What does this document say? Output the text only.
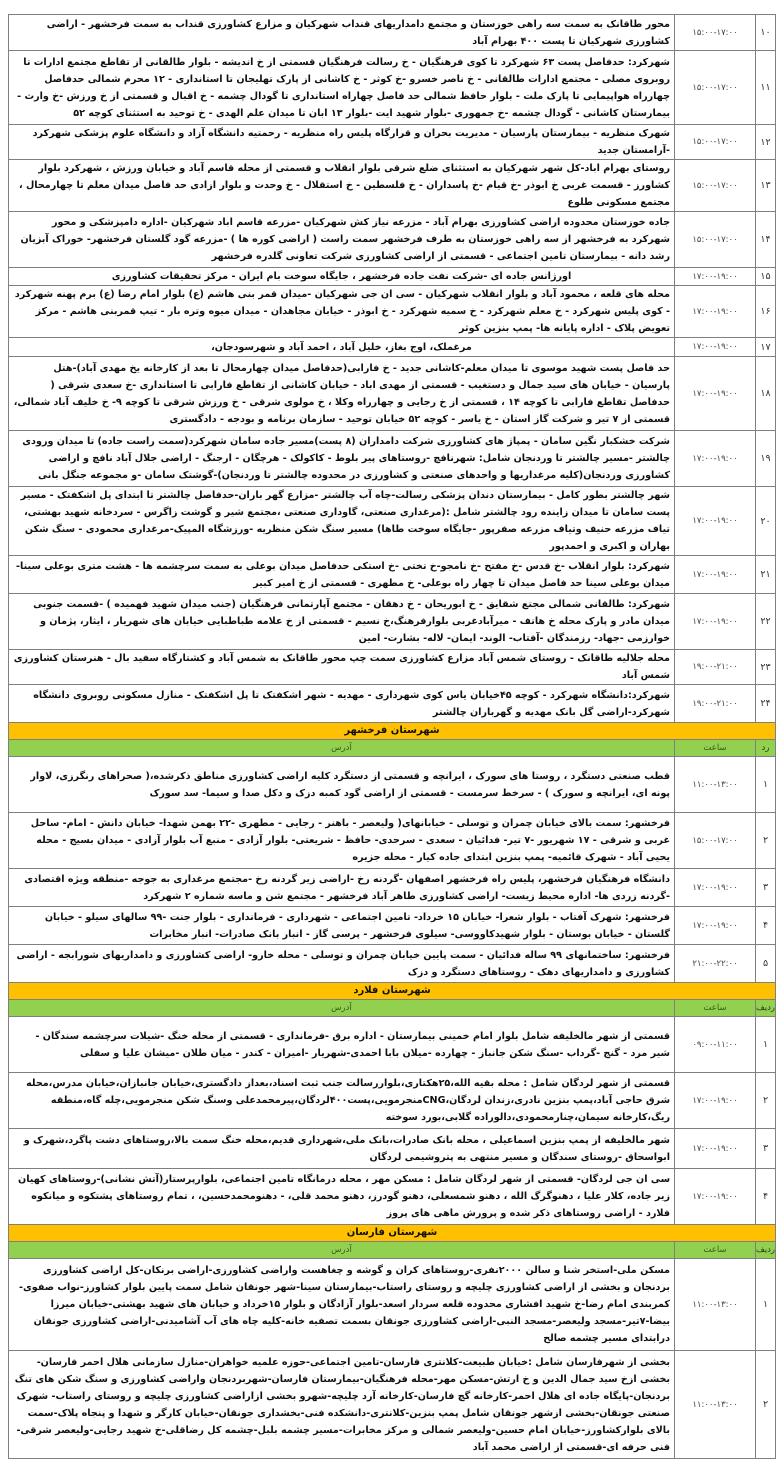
۱۰	۱۵:۰۰-۱۷:۰۰	محور طاقانک به سمت سه راهی خوزستان و مجتمع دامداریهای قنداب شهرکیان و مزارع کشاورزی قنداب به سمت فرخشهر - اراضی کشاورزی شهرکیان تا پست ۴۰۰ بهرام آباد
۱۱	۱۵:۰۰-۱۷:۰۰	شهرکرد: حدفاصل پست ۶۳ شهرکرد تا کوی فرهنگیان - خ رسالت فرهنگیان قسمتی از خ اندیشه - بلوار طالقانی از تقاطع مجتمع ادارات تا روبروی مصلی - مجتمع ادارات طالقانی - خ ناصر خسرو -خ کوثر - خ کاشانی از پارک تهلیجان تا استانداری - ۱۲ محرم شمالی حدفاصل چهارراه هواپیمایی تا پارک ملت - بلوار حافظ شمالی حد فاصل چهاراه استانداری تا گودال چشمه - خ اقبال و قسمتی از خ ورزش -خ وارث - بیمارستان کاشانی - گودال چشمه -خ جمهوری -بلوار شهید ایت -بلوار ۱۳ ابان تا میدان علم الهدی - خ توحید به استثنای کوچه ۵۲
۱۲	۱۵:۰۰-۱۷:۰۰	شهرک منظریه - بیمارستان پارسیان - مدیریت بحران و قرارگاه پلیس راه منظریه - رحمتیه دانشگاه آزاد و دانشگاه علوم پزشکی شهرکرد -آرامستان جدید
۱۳	۱۵:۰۰-۱۷:۰۰	روستای بهرام اباد-کل شهر شهرکیان به استثنای ضلع شرقی بلوار انقلاب و قسمتی از محله قاسم آباد و خیابان ورزش ، شهرکرد بلوار کشاورز - قسمت غربی خ ابوذر -خ قیام -خ پاسداران - خ فلسطین - خ استقلال - خ وحدت و بلوار ازادی حد فاصل میدان معلم تا چهارمحال ، مجتمع مسکونی طلوع
۱۴	۱۵:۰۰-۱۷:۰۰	جاده خوزستان محدوده اراضی کشاورزی بهرام آباد - مزرعه نیاز کش شهرکیان -مزرعه قاسم اباد شهرکیان -اداره دامپزشکی و محور شهرکرد به فرخشهر از سه راهی خوزستان به طرف فرخشهر سمت راست ( اراضی کوره ها ) -مزرعه گود گلستان فرخشهر- خوراک آبزیان رشد دانه - بیمارستان تامین اجتماعی - قسمتی از اراضی کشاورزی شرکت تعاونی گلدره فرخشهر
۱۵	۱۷:۰۰-۱۹:۰۰	اورژانس جاده ای -شرکت نفت جاده فرخشهر ، جایگاه سوخت بام ایران - مرکز تحقیقات کشاورزی
۱۶	۱۷:۰۰-۱۹:۰۰	محله های قلعه ، محمود آباد و بلوار انقلاب شهرکیان - سی ان جی شهرکیان -میدان قمر بنی هاشم (ع) بلوار امام رضا (ع) برم پهنه شهرکرد - کوی پلیس شهرکرد - خ معلم شهرکرد - خ سمیه شهرکرد - خ ابوذر - خیابان مجاهدان - میدان میوه وتره بار - تیپ قمربنی هاشم - مرکز تعویض پلاک - اداره پایانه ها- پمپ بنزین کوثر
۱۷	۱۷:۰۰-۱۹:۰۰	مرغملک، اوج بغاز، خلیل آباد ، احمد آباد و شهرسودجان،
۱۸	۱۷:۰۰-۱۹:۰۰	حد فاصل پست شهید موسوی تا میدان معلم-کاشانی جدید - خ فارابی(حدفاصل میدان چهارمحال تا بعد از کارخانه یخ مهدی آباد)-هتل پارسیان - خیابان های سید جمال و دستغیب - قسمتی از مهدی اباد - خیابان کاشانی از تقاطع فارابی تا استانداری -خ سعدی شرقی ( حدفاصل تقاطع فارابی تا کوچه ۱۴ ، قسمتی از خ رجایی و چهارراه وکلا ، خ مولوی شرقی - خ ورزش شرقی تا کوچه ۹- خ خلیف آباد شمالی، قسمتی از ۷ تیر و شرکت گاز استان - خ یاسر - کوچه ۵۲ خیابان توحید - سازمان برنامه و بودجه - دادگستری
۱۹	۱۷:۰۰-۱۹:۰۰	شرکت خشکبار نگین سامان - پمپاژ های کشاورزی شرکت دامداران (۸ پست)مسیر جاده سامان شهرکرد(سمت راست جاده) تا میدان ورودی چالشتر -مسیر چالشتر تا وردنجان شامل: شهرنافچ -روستاهای پیر بلوط - کاکولک - هرچگان - ارجنگ - اراضی جلال آباد نافچ و اراضی کشاورزی وردنجان(کلیه مرغداریها و واحدهای صنعتی و کشاورزی در محدوده چالشتر تا وردنجان)-گوشتک سامان -و مجموعه جنگل بانی
۲۰	۱۷:۰۰-۱۹:۰۰	شهر چالشتر بطور کامل - بیمارستان دندان پزشکی رسالت-چاه آب چالشتر -مزارع گهر باران-حدفاصل چالشتر تا ابتدای پل اشکفتک - مسیر پست سامان تا میدان زاینده رود چالشتر شامل :(مرغداری صنعتی، گاوداری صنعتی ،مجتمع شیر و گوشت زاگرس - سردخانه شهید بهشتی، تیاف مزرعه حنیف وتیاف مزرعه صفرپور -جایگاه سوخت طاها) مسیر سنگ شکن منظریه -ورزشگاه المپیک-مرغداری محمودی - سنگ شکن بهاران و اکبری و احمدپور
۲۱	۱۷:۰۰-۱۹:۰۰	شهرکرد: بلوار انقلاب -خ قدس -خ مفتح -خ نامجو-خ تختی -خ استکی حدفاصل میدان بوعلی به سمت سرچشمه ها - هشت متری بوعلی سینا- میدان بوعلی سینا حد فاصل میدان تا چهار راه بوعلی- خ مطهری - قسمتی از خ امیر کبیر
۲۲	۱۷:۰۰-۱۹:۰۰	شهرکرد: طالقانی شمالی مجتع شقایق - خ ابوریحان - خ دهقان - مجتمع آپارتمانی فرهنگیان (جنب میدان شهید فهمیده ) -قسمت جنوبی میدان مادر و پارک محله خ هاتف - میرآبادغربی بلوارفرهنگ،خ نسیم - قسمتی از خ علامه طباطبایی خیابان های شهریار ، ایثار، پژمان و خوارزمی -جهاد- رزمندگان -آفتاب- الوند- ایمان- لاله- بشارت- امین
۲۳	۱۹:۰۰-۲۱:۰۰	محله جلالیه طاقانک - روستای شمس آباد مزارع کشاورزی سمت چپ محور طاقانک به شمس آباد و کشتارگاه سفید بال - هنرستان کشاورزی شمس آباد
۲۴	۱۹:۰۰-۲۱:۰۰	شهرکرد:دانشگاه شهرکرد - کوچه ۴۵خیابان یاس کوی شهرداری - مهدیه - شهر اشکفتک تا پل اشکفتک - منازل مسکونی روبروی دانشگاه شهرکرد-اراضی گل بانک مهدیه و گهرباران چالشتر
شهرستان فرخشهر		
رد	ساعت	آدرس
۱	۱۱:۰۰-۱۳:۰۰	قطب صنعتی دستگرد ، روستا های سورک ، ایرانچه و قسمتی از دستگرد کلیه اراضی کشاورزی مناطق ذکرشده،( صحراهای رنگرزی، لاوار پونه ای، ایرانچه و سورک ) - سرخط سرمست - قسمتی از اراضی گود کمبه دزک و دکل صدا و سیما- سد سورک
۲	۱۵:۰۰-۱۷:۰۰	فرخشهر: سمت بالای خیابان چمران و توسلی - خیابانهای( ولیعصر - باهنر - رجایی - مطهری -۲۲ بهمن شهدا- خیابان دانش - امام- ساحل غربی و شرقی - ۱۷ شهریور -۷ تیر- فدائیان - سعدی - سرحدی- حافظ - شریعتی- بلوار آزادی - منبع آب بلوار آزادی - میدان بسیج - محله یحیی آباد - شهرک قائمیه- پمپ بنزین ابتدای جاده کیار - محله جزیره
۳	۱۷:۰۰-۱۹:۰۰	دانشگاه فرهنگیان فرخشهر، پلیس راه فرخشهر اصفهان -گردنه رخ -اراضی زیر گردنه رخ -مجتمع مرغداری به جوجه -منطقه ویژه اقتصادی -گردنه زردی ها- اداره محیط زیست- اراضی کشاورزی طاهر آباد فرخشهر - مجتمع شن و ماسه شماره ۲ شهرکرد
۴	۱۷:۰۰-۱۹:۰۰	فرخشهر: شهرک آفتاب - بلوار شعرا- خیابان ۱۵ خرداد- تامین اجتماعی - شهرداری - فرمانداری - بلوار جنت -۹۹ سالهای سیلو - خیابان گلستان - خیابان بوستان - بلوار شهیدکاووسی- سیلوی فرخشهر - پرسی گاز - انبار بانک صادرات- انبار مخابرات
۵	۲۱:۰۰-۲۲:۰۰	فرخشهر: ساختمانهای ۹۹ ساله فدائیان - سمت پایین خیابان چمران و توسلی - محله خارو- اراضی کشاورزی و دامداریهای شورابجه - اراضی کشاورزی و دامداریهای دهک - روستاهای دستگرد و دزک
شهرستان فلارد		
ردیف	ساعت	آدرس
۱	۰۹:۰۰-۱۱:۰۰	قسمتی از شهر مالخلیفه شامل بلوار امام خمینی بیمارستان - اداره برق -فرمانداری - قسمتی از محله خنگ -شیلات سرچشمه سندگان - شیر مرد - گنج -گرداب -سنگ شکن جانباز - چهارده -میلان بابا احمدی-شهریار -امیران - کندر - میان طلان -میشان علیا و سفلی
۲	۱۷:۰۰-۱۹:۰۰	قسمتی از شهر لردگان شامل : محله بقیه الله،۲۵هکتاری،بلواررسالت جنب ثبت اسناد،بعداز دادگستری،خیابان جانبازان،خیابان مدرس،محله شرق حاجی آباد،پمپ بنزین نادری،زندان لردگان،CNGمنجرمویی،پست۴۰۰لردگان،پیرمحمدعلی وسنگ شکن منجرمویی،چله گاه،منطقه ریگ،کارخانه سیمان،چنارمحمودی،دالوراده گلابی،بورد سوخته
۳	۱۷:۰۰-۱۹:۰۰	شهر مالخلیفه از پمپ بنزین اسماعیلی ، محله بانک صادرات،بانک ملی،شهرداری قدیم،محله خنگ سمت بالا،روستاهای دشت پاگرد،شهرک و ابواسحاق -روستای سندگان و مسیر منتهی به پتروشیمی لردگان
۴	۱۷:۰۰-۱۹:۰۰	سی ان جی لردگان- قسمتی از شهر لردگان شامل : مسکن مهر ، محله درمانگاه تامین اجتماعی، بلوارپرستار(آتش نشانی)-روستاهای کهیان زیر جاده، کلار علیا ، دهنوگرگ الله ، دهنو شمسعلی، دهنو گودرز، دهنو محمد قلی، - دهنومحمدحسین، ، تمام روستاهای پشتکوه و میانکوه فلارد - اراضی روستاهای ذکر شده و پرورش ماهی های پروز
شهرستان فارسان		
ردیف	ساعت	آدرس
۱	۱۱:۰۰-۱۳:۰۰	مسکن ملی-استخر شنا و سالن ۲۰۰۰نفری-روستاهای کران و گوشه و چغاهست واراضی کشاورزی-اراضی برنکان-کل اراضی کشاورزی بردنجان و بخشی از اراضی کشاورزی چلیچه و روستای راستاب-بیمارستان سینا-شهر جونقان شامل سمت پایین بلوار کشاورز-نواب صفوی-کمربندی امام رضا-خ شهید افشاری محدوده قلعه سردار اسعد-بلوار آزادگان و بلوار ۱۵خرداد و خیابان های شهید بهشتی-خیابان میرزا بیضا-۷تیر-مسجد ولیعصر-مسجد النبی-اراضی کشاورزی جونقان بسمت تصفیه خانه-کلیه چاه های آب آشامیدنی-اراضی کشاورزی جونقان درابتدای مسیر چشمه صالح
۲	۱۱:۰۰-۱۳:۰۰	بخشی از شهرفارسان شامل :خیابان طبیعت-کلانتری فارسان-تامین اجتماعی-حوزه علمیه خواهران-منازل سازمانی هلال احمر فارسان-بخشی ازخ سید جمال الدین و خ ارتش-مسکن مهر-محله فرهنگیان-بیمارستان فارسان-شهربردنجان واراضی کشاورزی و سنگ شکن های تنگ بردنجان-پایگاه جاده ای هلال احمر-کارخانه گچ فارسان-کارخانه آرد چلیچه-شهرو بخشی ازاراضی کشاورزی چلیچه و روستای راستاب- شهرک صنعتی جونقان-بخشی ازشهر جونقان شامل پمپ بنزین-کلانتری-دانشکده فنی-بخشداری جونقان-خیابان کارگر و شهدا و پنجاه پلاک-سمت بالای بلوارکشاورز-خیابان امام حسین-ولیعصر شمالی و مرکز مخابرات-مسیر چشمه بلبل-چشمه کل رضاقلی-خ شهید رجایی-ولیعصر شرقی-فنی حرفه ای-قسمتی از اراضی محمد آباد
